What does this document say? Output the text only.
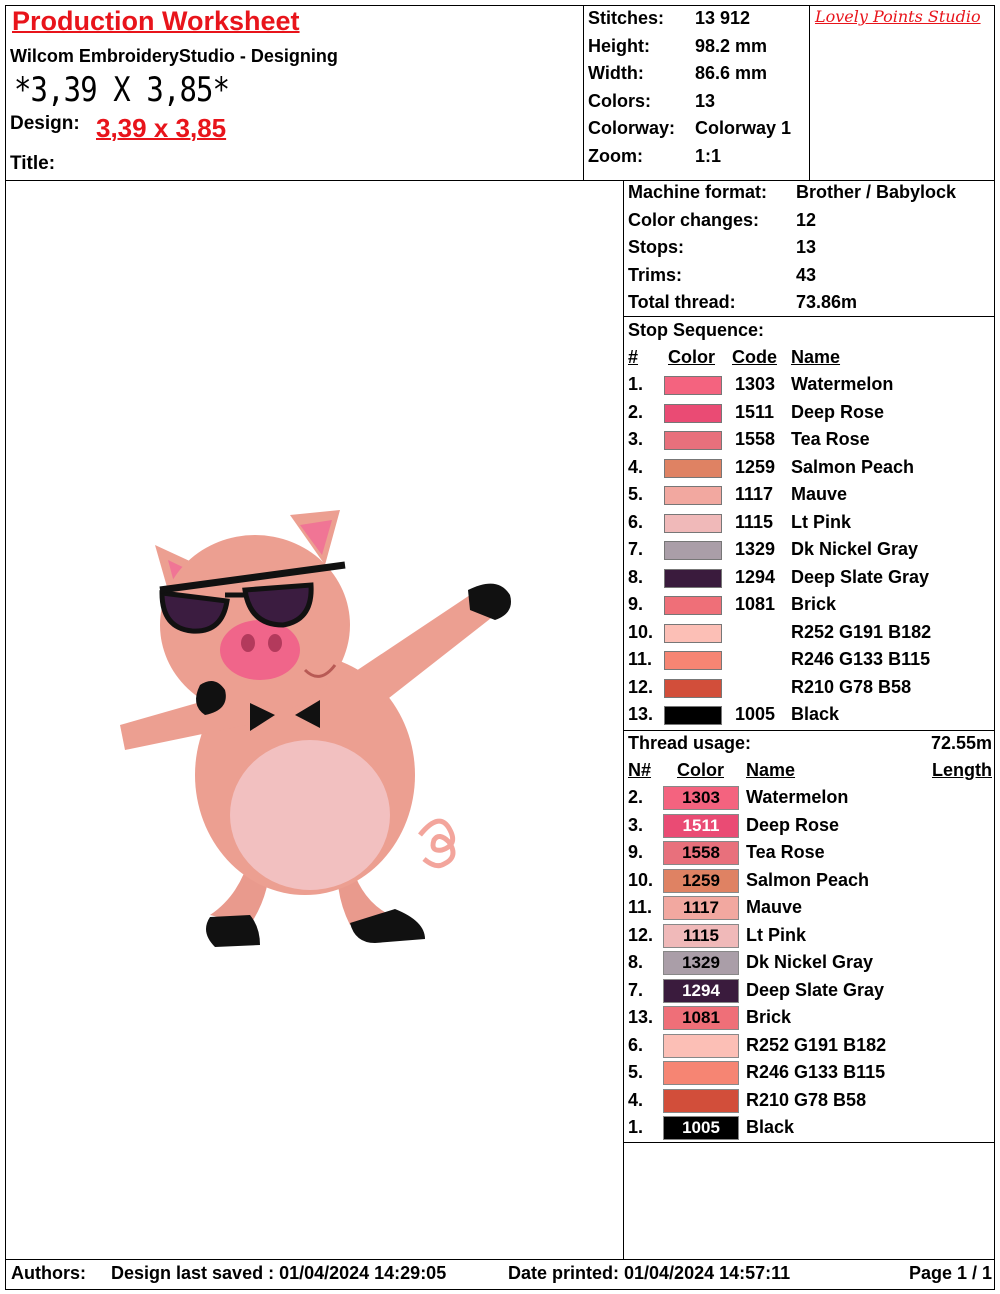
Production Worksheet
Wilcom EmbroideryStudio - Designing
*3,39 X 3,85*
Design: 3,39 x 3,85
Title:
Stitches: 13 912
Height:	98.2 mm
Width:	86.6 mm
Colors: 13
Colorway: Colorway 1
Zoom:	1:1
Lovely Points Studio
Machine format: Brother / Babylock
Color changes: 12
Stops:	13
Trims:	43
Total thread:	73.86m
Stop Sequence:
# Color Code Name
1.	1303 Watermelon
2.	1511 Deep Rose
3.	1558 Tea Rose
4.	1259 Salmon Peach
5.	1117 Mauve
6.	1115 Lt Pink
7.	1329 Dk Nickel Gray
8.	1294 Deep Slate Gray
9.	1081 Brick
10.	R252 G191 B182
11.	R246 G133 B115
12.	R210 G78 B58
13.	1005 Black
Thread usage:	72.55m
N# Color Name	Length
2.	1303	Watermelon
3.	1511	Deep Rose
9.	1558	Tea Rose
10.	1259	Salmon Peach
11.	1117	Mauve
12.	1115	Lt Pink
8.	1329	Dk Nickel Gray
7.	1294	Deep Slate Gray
13.	1081	Brick
6.	R252 G191 B182
5.	R246 G133 B115
4.	R210 G78 B58
1.	1005	Black
Authors: Design last saved : 01/04/2024 14:29:05	Date printed: 01/04/2024 14:57:11	Page 1 / 1
